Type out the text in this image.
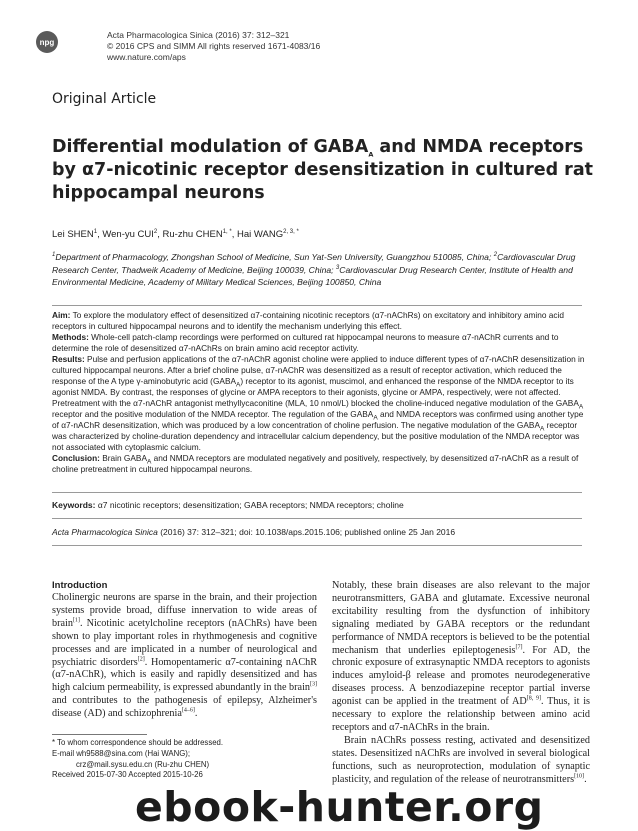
npg
Acta Pharmacologica Sinica (2016) 37: 312–321
© 2016 CPS and SIMM All rights reserved 1671-4083/16
www.nature.com/aps
Original Article
Differential modulation of $GABA_A$ and NMDA receptors by α7-nicotinic receptor desensitization in cultured rat hippocampal neurons
Lei SHEN$^1$, Wen-yu CUI$^2$, Ru-zhu $CHEN^{1, *}$, Hai $WANG^{2, 3, *}$

$^1$Department of Pharmacology, Zhongshan School of Medicine, Sun Yat-Sen University, Guangzhou 510085, China; $^2$Cardiovascular Drug Research Center, Thadweik Academy of Medicine, Beijing 100039, China; $^3$Cardiovascular Drug Research Center, Institute of Health and Environmental Medicine, Academy of Military Medical Sciences, Beijing 100850, China

Aim: To explore the modulatory effect of desensitized α7-containing nicotinic receptors (α7-nAChRs) on excitatory and inhibitory amino acid receptors in cultured hippocampal neurons and to identify the mechanism underlying this effect.

Methods: Whole-cell patch-clamp recordings were performed on cultured rat hippocampal neurons to measure α7-nAChR currents and to determine the role of desensitized α7-nAChRs on brain amino acid receptor activity.

Results: Pulse and perfusion applications of the α7-nAChR agonist choline were applied to induce different types of α7-nAChR desensitization in cultured hippocampal neurons. After a brief choline pulse, α7-nAChR was desensitized as a result of receptor activation, which reduced the response of the A type γ-aminobutyric acid $(GABA_A)$ receptor to its agonist, muscimol, and enhanced the response of the NMDA receptor to its agonist NMDA. By contrast, the responses of glycine or AMPA receptors to their agonists, glycine or AMPA, respectively, were not affected. Pretreatment with the α7-nAChR antagonist methyllycaconitine (MLA, 10 nmol/L) blocked the choline-induced negative modulation of the $GABA_A$ receptor and the positive modulation of the NMDA receptor. The regulation of the $GABA_A$ and NMDA receptors was confirmed using another type of α7-nAChR desensitization, which was produced by a low concentration of choline perfusion. The negative modulation of the $GABA_A$ receptor was characterized by choline-duration dependency and intracellular calcium dependency, but the positive modulation of the NMDA receptor was not associated with cytoplasmic calcium.

Conclusion: Brain $GABA_A$ and NMDA receptors are modulated negatively and positively, respectively, by desensitized α7-nAChR as a result of choline pretreatment in cultured hippocampal neurons.

Keywords: α7 nicotinic receptors; desensitization; GABA receptors; NMDA receptors; choline
Acta Pharmacologica Sinica (2016) 37: 312–321; doi: 10.1038/aps.2015.106; published online 25 Jan 2016

Introduction

Cholinergic neurons are sparse in the brain, and their projection systems provide broad, diffuse innervation to wide areas of brain[1]. Nicotinic acetylcholine receptors (nAChRs) have been shown to play important roles in rhythmogenesis and cognitive processes and are implicated in a number of neurological and psychiatric disorders[2]. Homopentameric α7-containing nAChR (α7-nAChR), which is easily and rapidly desensitized and has high calcium permeability, is expressed abundantly in the brain[3] and contributes to the pathogenesis of epilepsy, Alzheimer's disease (AD) and schizophrenia[4–6].

Notably, these brain diseases are also relevant to the major neurotransmitters, GABA and glutamate. Excessive neuronal excitability resulting from the dysfunction of inhibitory signaling mediated by GABA receptors or the redundant performance of NMDA receptors is believed to be the potential mechanism that underlies epileptogenesis[7]. For AD, the chronic exposure of extrasynaptic NMDA receptors to agonists induces amyloid-β release and promotes neurodegenerative diseases process. A benzodiazepine receptor partial inverse agonist can be applied in the treatment of AD[8, 9]. Thus, it is necessary to explore the relationship between amino acid receptors and α7-nAChRs in the brain.

Brain nAChRs possess resting, activated and desensitized states. Desensitized nAChRs are involved in several biological functions, such as neuroprotection, modulation of synaptic plasticity, and regulation of the release of neurotransmitters[10].

* To whom correspondence should be addressed.
E-mail wh9588@sina.com (Hai WANG);
crz@mail.sysu.edu.cn (Ru-zhu CHEN)
Received 2015-07-30 Accepted 2015-10-26
ebook-hunter.org
